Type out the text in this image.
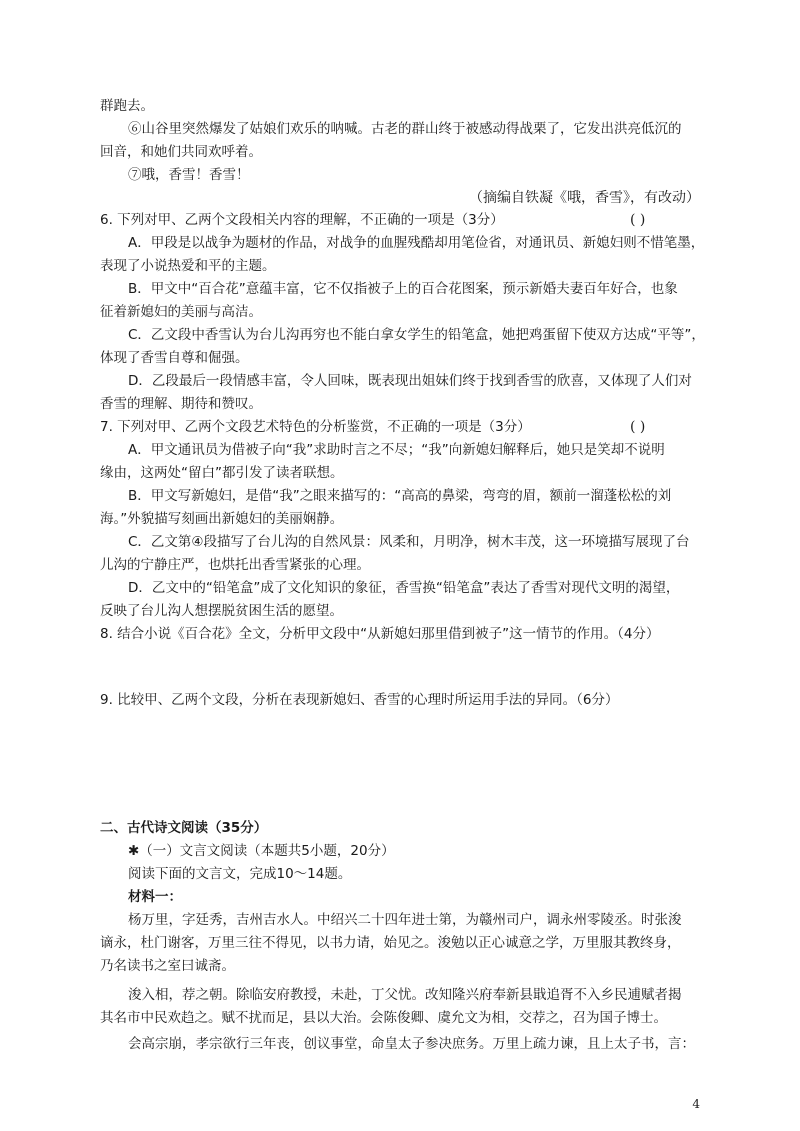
群跑去。
⑥山谷里突然爆发了姑娘们欢乐的呐喊。古老的群山终于被感动得战栗了，它发出洪亮低沉的
回音，和她们共同欢呼着。
⑦哦，香雪！香雪！
（摘编自铁凝《哦，香雪》，有改动）
6. 下列对甲、乙两个文段相关内容的理解，不正确的一项是（3分）	( )
A．甲段是以战争为题材的作品，对战争的血腥残酷却用笔俭省，对通讯员、新媳妇则不惜笔墨，
表现了小说热爱和平的主题。
B．甲文中“百合花”意蕴丰富，它不仅指被子上的百合花图案，预示新婚夫妻百年好合，也象
征着新媳妇的美丽与高洁。
C．乙文段中香雪认为台儿沟再穷也不能白拿女学生的铅笔盒，她把鸡蛋留下使双方达成“平等”，
体现了香雪自尊和倔强。
D．乙段最后一段情感丰富，令人回味，既表现出姐妹们终于找到香雪的欣喜，又体现了人们对
香雪的理解、期待和赞叹。
7. 下列对甲、乙两个文段艺术特色的分析鉴赏，不正确的一项是（3分）	( )
A．甲文通讯员为借被子向“我”求助时言之不尽；“我”向新媳妇解释后，她只是笑却不说明
缘由，这两处“留白”都引发了读者联想。
B．甲文写新媳妇，是借“我”之眼来描写的：“高高的鼻梁，弯弯的眉，额前一溜蓬松松的刘
海。”外貌描写刻画出新媳妇的美丽娴静。
C．乙文第④段描写了台儿沟的自然风景：风柔和，月明净，树木丰茂，这一环境描写展现了台
儿沟的宁静庄严，也烘托出香雪紧张的心理。
D．乙文中的“铅笔盒”成了文化知识的象征，香雪换“铅笔盒”表达了香雪对现代文明的渴望，
反映了台儿沟人想摆脱贫困生活的愿望。
8. 结合小说《百合花》全文，分析甲文段中“从新媳妇那里借到被子”这一情节的作用。（4分）
9. 比较甲、乙两个文段，分析在表现新媳妇、香雪的心理时所运用手法的异同。（6分）
二、古代诗文阅读（35分）
✱（一）文言文阅读（本题共5小题，20分）
阅读下面的文言文，完成10～14题。
材料一：
杨万里，字廷秀，吉州吉水人。中绍兴二十四年进士第，为赣州司户，调永州零陵丞。时张浚
谪永，杜门谢客，万里三往不得见，以书力请，始见之。浚勉以正心诚意之学，万里服其教终身，
乃名读书之室曰诚斋。
浚入相，荐之朝。除临安府教授，未赴，丁父忧。改知隆兴府奉新县戢追胥不入乡民逋赋者揭
其名市中民欢趋之。赋不扰而足，县以大治。会陈俊卿、虞允文为相，交荐之，召为国子博士。
会高宗崩，孝宗欲行三年丧，创议事堂，命皇太子参决庶务。万里上疏力谏，且上太子书，言：
4
